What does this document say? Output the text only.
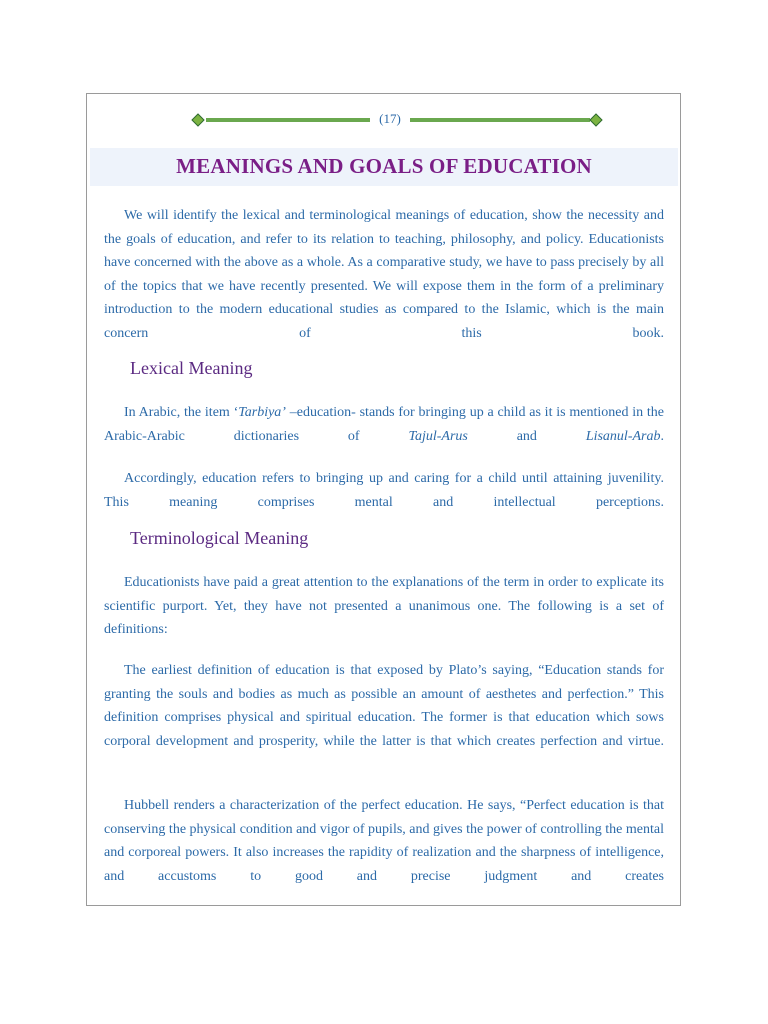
(17)
MEANINGS AND GOALS OF EDUCATION

We will identify the lexical and terminological meanings of education, show the necessity and the goals of education, and refer to its relation to teaching, philosophy, and policy. Educationists have concerned with the above as a whole. As a comparative study, we have to pass precisely by all of the topics that we have recently presented. We will expose them in the form of a preliminary introduction to the modern educational studies as compared to the Islamic, which is the main concern of this book.

Lexical Meaning

In Arabic, the item ‘Tarbiya’ –education- stands for bringing up a child as it is mentioned in the Arabic-Arabic dictionaries of Tajul-Arus and Lisanul-Arab.

Accordingly, education refers to bringing up and caring for a child until attaining juvenility. This meaning comprises mental and intellectual perceptions.

Terminological Meaning

Educationists have paid a great attention to the explanations of the term in order to explicate its scientific purport. Yet, they have not presented a unanimous one. The following is a set of definitions:

The earliest definition of education is that exposed by Plato’s saying, “Education stands for granting the souls and bodies as much as possible an amount of aesthetes and perfection.” This definition comprises physical and spiritual education. The former is that education which sows corporal development and prosperity, while the latter is that which creates perfection and virtue.

Hubbell renders a characterization of the perfect education. He says, “Perfect education is that conserving the physical condition and vigor of pupils, and gives the power of controlling the mental and corporeal powers. It also increases the rapidity of realization and the sharpness of intelligence, and accustoms to good and precise judgment and creates
